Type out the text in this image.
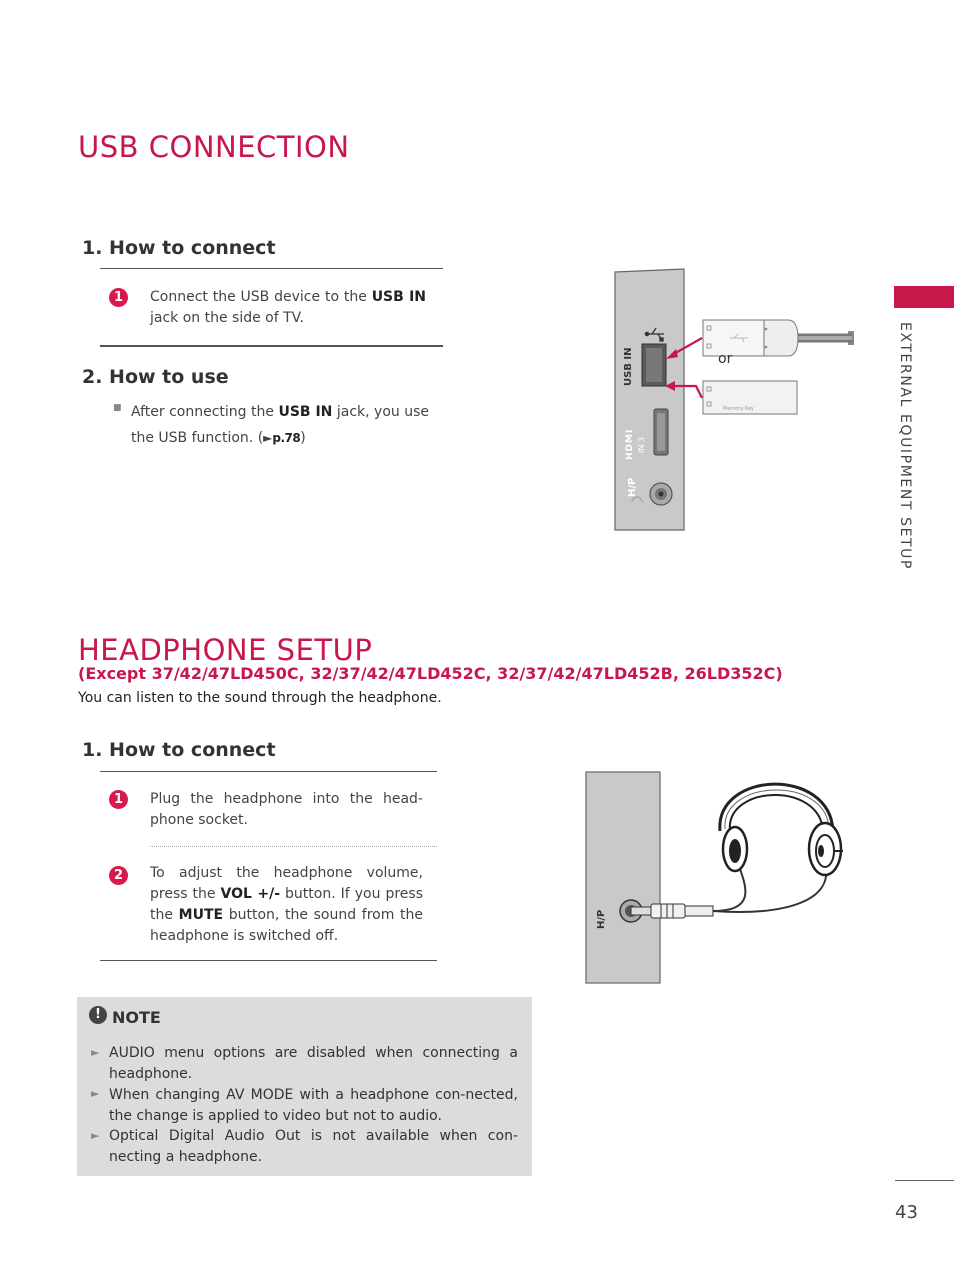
USB CONNECTION
1. How to connect
1	Connect the USB device to the USB IN jack on the side of TV.
2. How to use
■ After connecting the USB IN jack, you use the USB function. (►p.78)
USB IN
HDMI IN 3
H/P
or
Memory Key	EXTERNAL EQUIPMENT SETUP
HEADPHONE SETUP
(Except 37/42/47LD450C, 32/37/42/47LD452C, 32/37/42/47LD452B, 26LD352C)
You can listen to the sound through the headphone.
1. How to connect
1	Plug the headphone into the head-phone socket.
2	To adjust the headphone volume, press the VOL +/- button. If you press the MUTE button, the sound from the headphone is switched off.
H/P
! NOTE
► AUDIO menu options are disabled when connecting a headphone.
► When changing AV MODE with a headphone con-nected, the change is applied to video but not to audio.
► Optical Digital Audio Out is not available when con-necting a headphone.
43
